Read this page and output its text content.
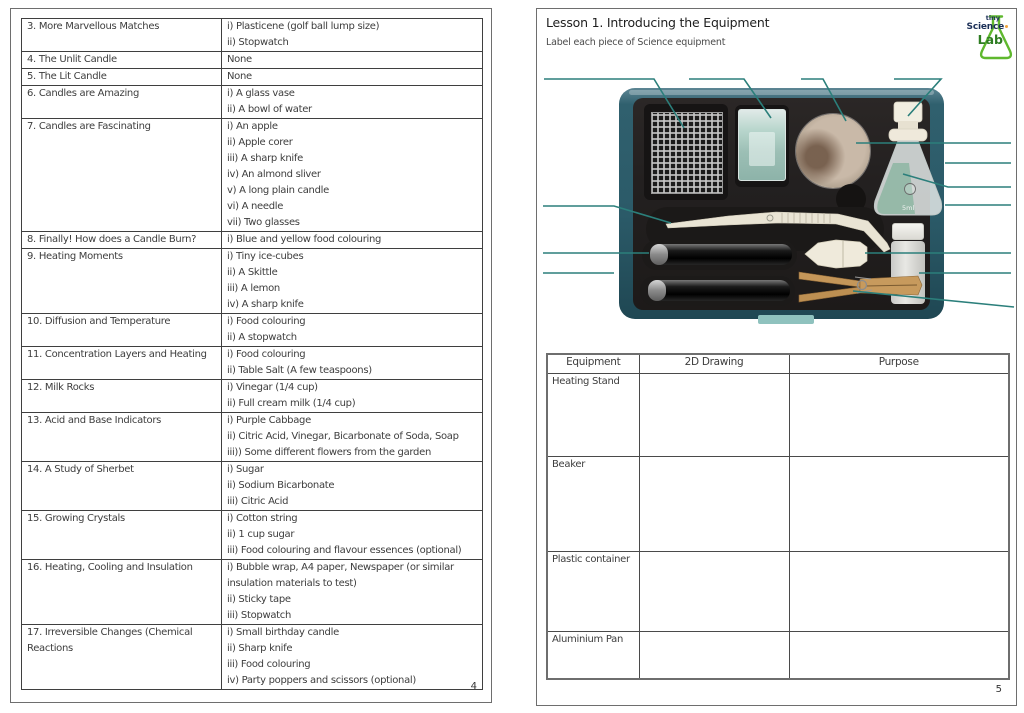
3. More Marvellous Matches	i) Plasticene (golf ball lump size)
ii) Stopwatch

4. The Unlit Candle	None

5. The Lit Candle	None

6. Candles are Amazing	i) A glass vase
ii) A bowl of water

7. Candles are Fascinating	i) An apple
ii) Apple corer
iii) A sharp knife
iv) An almond sliver
v) A long plain candle
vi) A needle
vii) Two glasses

8. Finally! How does a Candle Burn?	i) Blue and yellow food colouring

9. Heating Moments	i) Tiny ice-cubes
ii) A Skittle
iii) A lemon
iv) A sharp knife

10. Diffusion and Temperature	i) Food colouring
ii) A stopwatch

11. Concentration Layers and Heating	i) Food colouring
ii) Table Salt (A few teaspoons)

12. Milk Rocks	i) Vinegar (1/4 cup)
ii) Full cream milk (1/4 cup)

13. Acid and Base Indicators	i) Purple Cabbage
ii) Citric Acid, Vinegar, Bicarbonate of Soda, Soap
iii)) Some different flowers from the garden

14. A Study of Sherbet	i) Sugar
ii) Sodium Bicarbonate
iii) Citric Acid

15. Growing Crystals	i) Cotton string
ii) 1 cup sugar
iii) Food colouring and flavour essences (optional)

16. Heating, Cooling and Insulation	i) Bubble wrap, A4 paper, Newspaper (or similar insulation materials to test)
ii) Sticky tape
iii) Stopwatch

17. Irreversible Changes (Chemical Reactions	i) Small birthday candle
ii) Sharp knife
iii) Food colouring
iv) Party poppers and scissors (optional)
4
Lesson 1. Introducing the Equipment

Label each piece of Science equipment

tiny
Science
Lab
5ml
Equipment	2D Drawing	Purpose
Heating Stand		
Beaker		
Plastic container		
Aluminium Pan		
5
